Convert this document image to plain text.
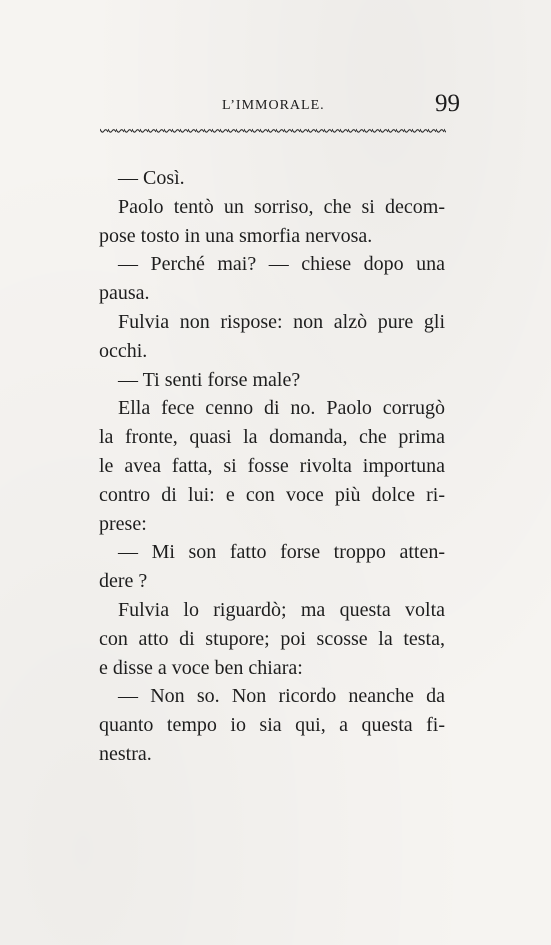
L’IMMORALE.	99
— Così.
Paolo tentò un sorriso, che si decom-
pose tosto in una smorfia nervosa.
— Perché mai? — chiese dopo una
pausa.
Fulvia non rispose: non alzò pure gli
occhi.
— Ti senti forse male?
Ella fece cenno di no. Paolo corrugò
la fronte, quasi la domanda, che prima
le avea fatta, si fosse rivolta importuna
contro di lui: e con voce più dolce ri-
prese:
— Mi son fatto forse troppo atten-
dere ?
Fulvia lo riguardò; ma questa volta
con atto di stupore; poi scosse la testa,
e disse a voce ben chiara:
— Non so. Non ricordo neanche da
quanto tempo io sia qui, a questa fi-
nestra.
